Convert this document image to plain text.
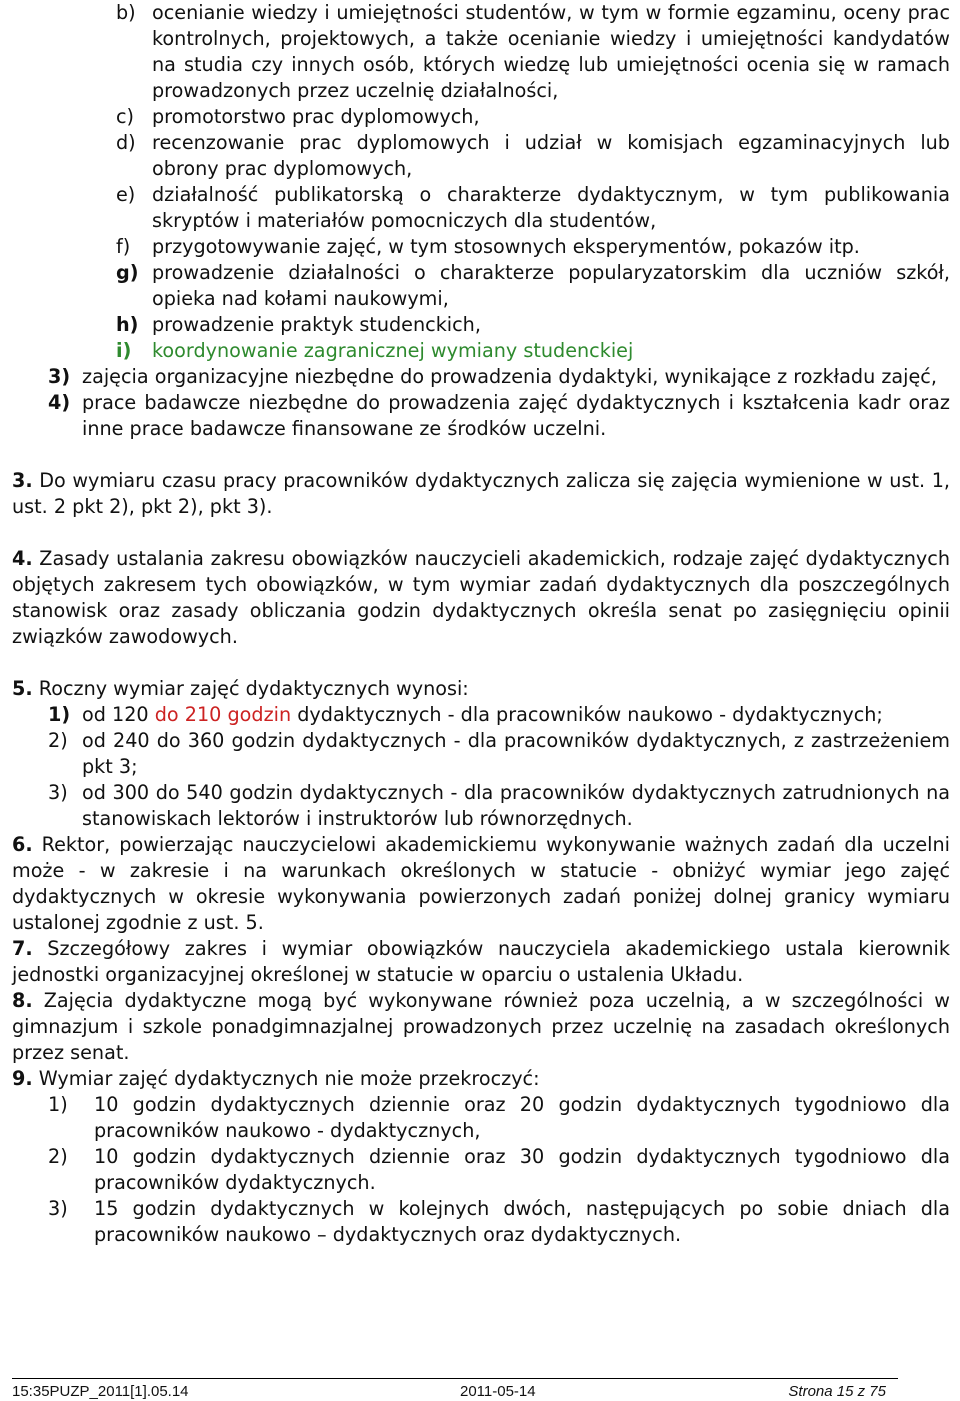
b) ocenianie wiedzy i umiejętności studentów, w tym w formie egzaminu, oceny prac kontrolnych, projektowych, a także ocenianie wiedzy i umiejętności kandydatów na studia czy innych osób, których wiedzę lub umiejętności ocenia się w ramach prowadzonych przez uczelnię działalności,
c) promotorstwo prac dyplomowych,
d) recenzowanie prac dyplomowych i udział w komisjach egzaminacyjnych lub obrony prac dyplomowych,
e) działalność publikatorską o charakterze dydaktycznym, w tym publikowania skryptów i materiałów pomocniczych dla studentów,
f)	przygotowywanie zajęć, w tym stosownych eksperymentów, pokazów itp.
g) prowadzenie działalności o charakterze popularyzatorskim dla uczniów szkół, opieka nad kołami naukowymi,
h) prowadzenie praktyk studenckich,
i)	koordynowanie zagranicznej wymiany studenckiej
3) zajęcia organizacyjne niezbędne do prowadzenia dydaktyki, wynikające z rozkładu zajęć,
4) prace badawcze niezbędne do prowadzenia zajęć dydaktycznych i kształcenia kadr oraz inne prace badawcze finansowane ze środków uczelni.

3. Do wymiaru czasu pracy pracowników dydaktycznych zalicza się zajęcia wymienione w ust. 1, ust. 2 pkt 2), pkt 2), pkt 3).

4. Zasady ustalania zakresu obowiązków nauczycieli akademickich, rodzaje zajęć dydaktycznych objętych zakresem tych obowiązków, w tym wymiar zadań dydaktycznych dla poszczególnych stanowisk oraz zasady obliczania godzin dydaktycznych określa senat po zasięgnięciu opinii związków zawodowych.

5. Roczny wymiar zajęć dydaktycznych wynosi:

1) od 120 do 210 godzin dydaktycznych - dla pracowników naukowo - dydaktycznych;
2) od 240 do 360 godzin dydaktycznych - dla pracowników dydaktycznych, z zastrzeżeniem pkt 3;
3) od 300 do 540 godzin dydaktycznych - dla pracowników dydaktycznych zatrudnionych na stanowiskach lektorów i instruktorów lub równorzędnych.

6. Rektor, powierzając nauczycielowi akademickiemu wykonywanie ważnych zadań dla uczelni może - w zakresie i na warunkach określonych w statucie - obniżyć wymiar jego zajęć dydaktycznych w okresie wykonywania powierzonych zadań poniżej dolnej granicy wymiaru ustalonej zgodnie z ust. 5.

7. Szczegółowy zakres i wymiar obowiązków nauczyciela akademickiego ustala kierownik jednostki organizacyjnej określonej w statucie w oparciu o ustalenia Układu.

8. Zajęcia dydaktyczne mogą być wykonywane również poza uczelnią, a w szczególności w gimnazjum i szkole ponadgimnazjalnej prowadzonych przez uczelnię na zasadach określonych przez senat.

9. Wymiar zajęć dydaktycznych nie może przekroczyć:

1)	10 godzin dydaktycznych dziennie oraz 20 godzin dydaktycznych tygodniowo dla pracowników naukowo - dydaktycznych,
2)	10 godzin dydaktycznych dziennie oraz 30 godzin dydaktycznych tygodniowo dla pracowników dydaktycznych.
3)	15 godzin dydaktycznych w kolejnych dwóch, następujących po sobie dniach dla pracowników naukowo – dydaktycznych oraz dydaktycznych.
15:35PUZP_2011[1].05.14	2011-05-14	Strona 15 z 75
